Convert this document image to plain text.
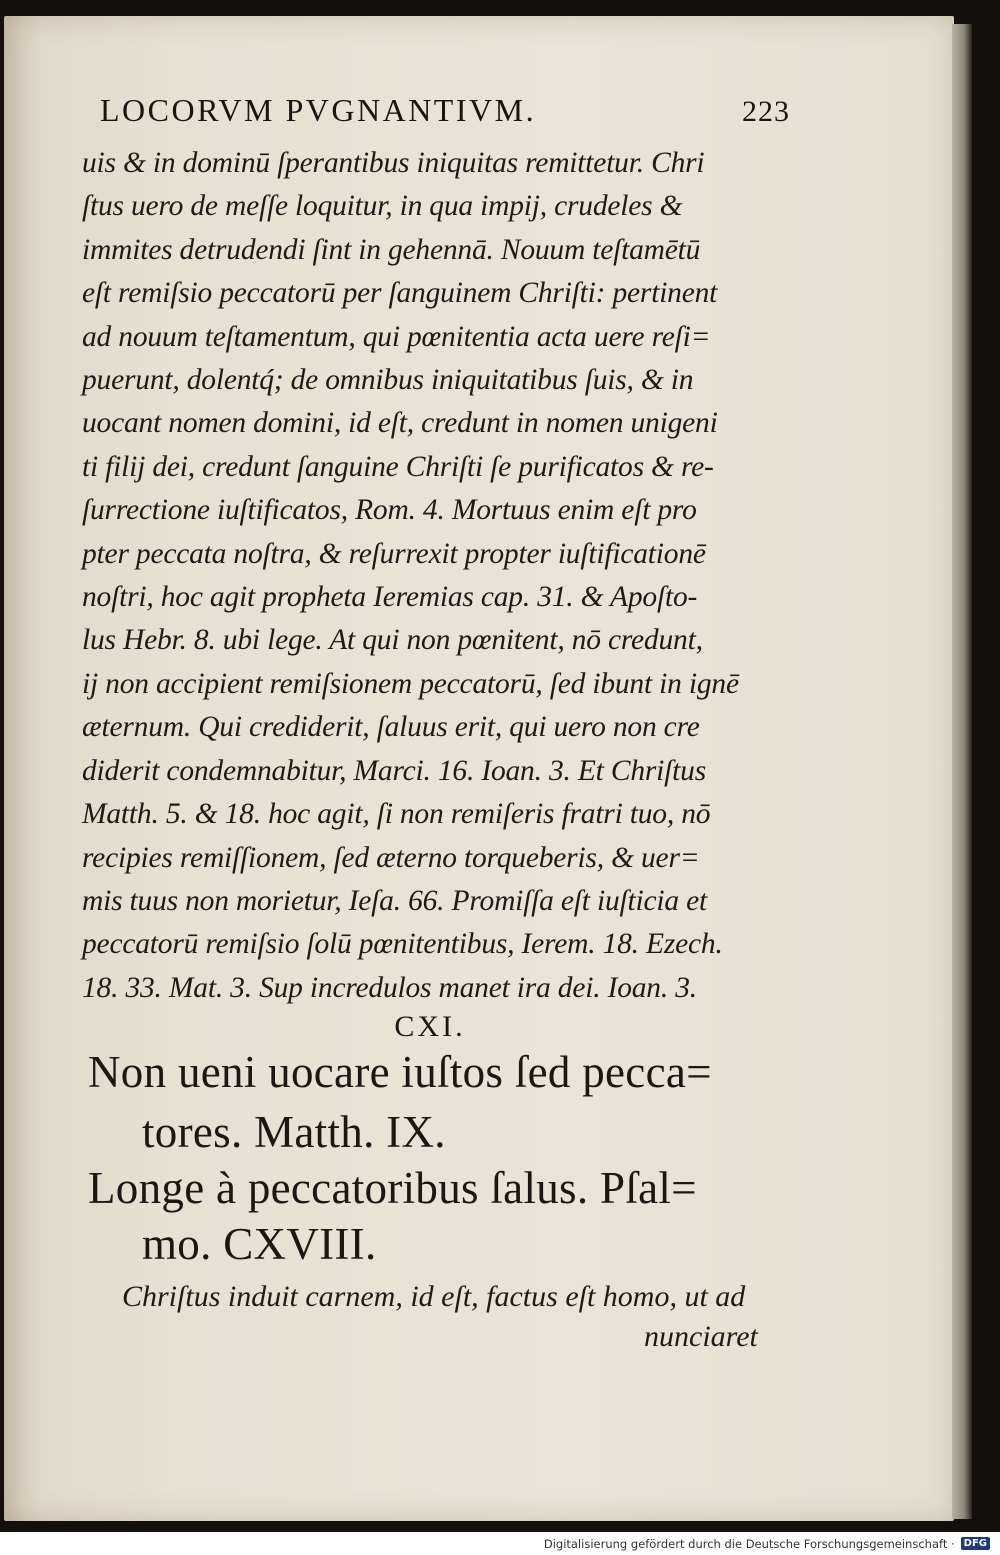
LOCORVM PVGNANTIVM.	223
uis & in dominū ſperantibus iniquitas remittetur. Chri
ſtus uero de meſſe loquitur, in qua impij, crudeles &
immites detrudendi ſint in gehennā. Nouum teſtamētū
eſt remiſsio peccatorū per ſanguinem Chriſti: pertinent
ad nouum teſtamentum, qui pœnitentia acta uere reſi=
puerunt, dolentq́; de omnibus iniquitatibus ſuis, & in
uocant nomen domini, id eſt, credunt in nomen unigeni
ti filij dei, credunt ſanguine Chriſti ſe purificatos & re-
ſurrectione iuſtificatos, Rom. 4. Mortuus enim eſt pro
pter peccata noſtra, & reſurrexit propter iuſtificationē
noſtri, hoc agit propheta Ieremias cap. 31. & Apoſto-
lus Hebr. 8. ubi lege. At qui non pœnitent, nō credunt,
ij non accipient remiſsionem peccatorū, ſed ibunt in ignē
æternum. Qui crediderit, ſaluus erit, qui uero non cre
diderit condemnabitur, Marci. 16. Ioan. 3. Et Chriſtus
Matth. 5. & 18. hoc agit, ſi non remiſeris fratri tuo, nō
recipies remiſſionem, ſed æterno torqueberis, & uer=
mis tuus non morietur, Ieſa. 66. Promiſſa eſt iuſticia et
peccatorū remiſsio ſolū pœnitentibus, Ierem. 18. Ezech.
18. 33. Mat. 3. Sup incredulos manet ira dei. Ioan. 3.
CXI.
Non ueni uocare iuſtos ſed pecca=
tores. Matth. IX.
Longe à peccatoribus ſalus. Pſal=
mo. CXVIII.
Chriſtus induit carnem, id eſt, factus eſt homo, ut ad
nunciaret
Digitalisierung gefördert durch die Deutsche Forschungsgemeinschaft · DFG
